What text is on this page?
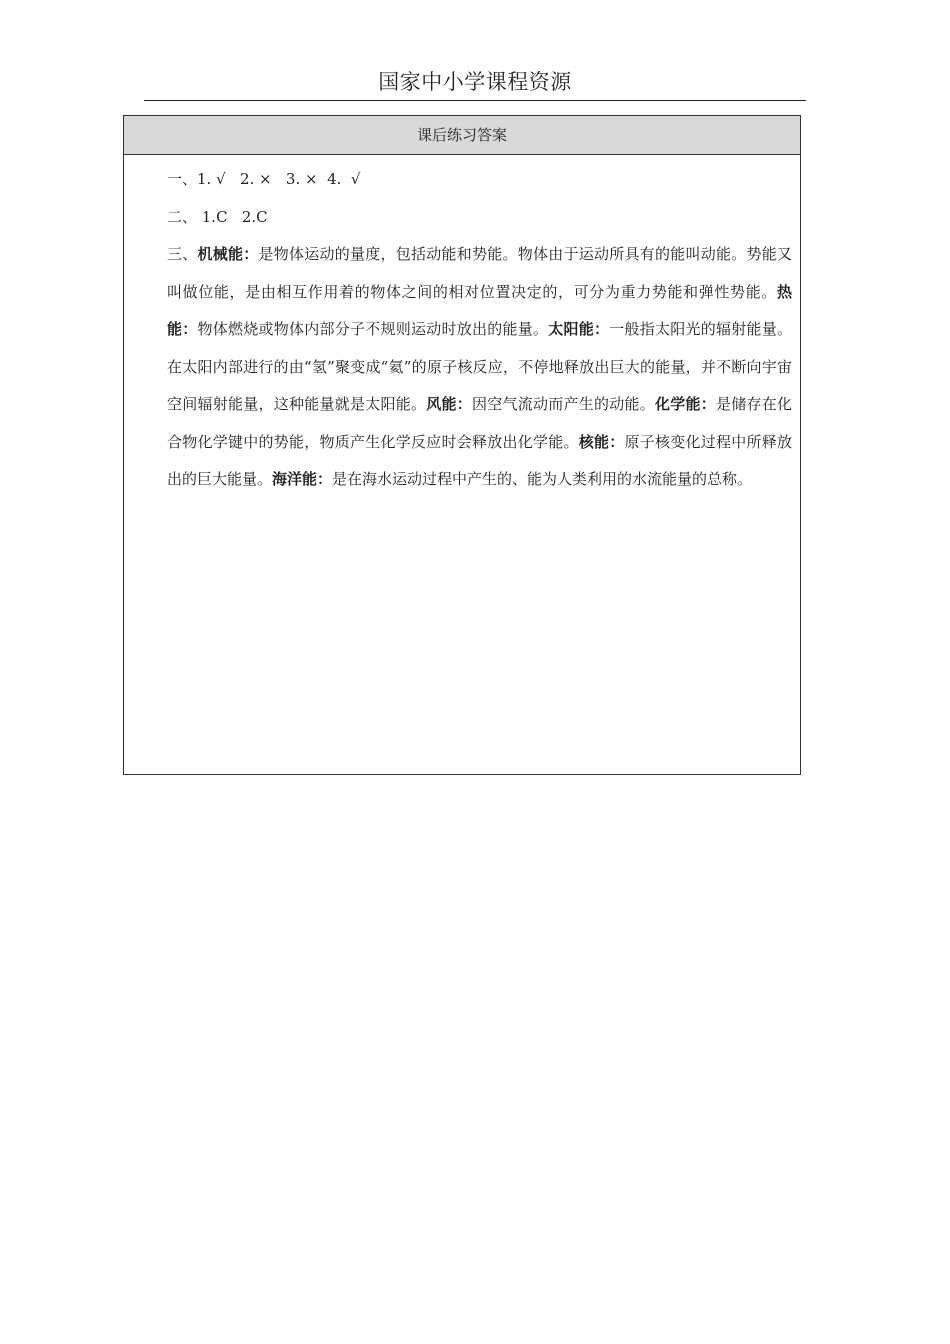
国家中小学课程资源
课后练习答案
一、1. √   2. ×   3. ×  4.  √
二、 1.C   2.C
三、机械能：是物体运动的量度，包括动能和势能。物体由于运动所具有的能叫动能。势能又叫做位能，是由相互作用着的物体之间的相对位置决定的，可分为重力势能和弹性势能。热能：物体燃烧或物体内部分子不规则运动时放出的能量。太阳能：一般指太阳光的辐射能量。在太阳内部进行的由“氢”聚变成“氦”的原子核反应，不停地释放出巨大的能量，并不断向宇宙空间辐射能量，这种能量就是太阳能。风能：因空气流动而产生的动能。化学能：是储存在化合物化学键中的势能，物质产生化学反应时会释放出化学能。核能：原子核变化过程中所释放出的巨大能量。海洋能：是在海水运动过程中产生的、能为人类利用的水流能量的总称。
